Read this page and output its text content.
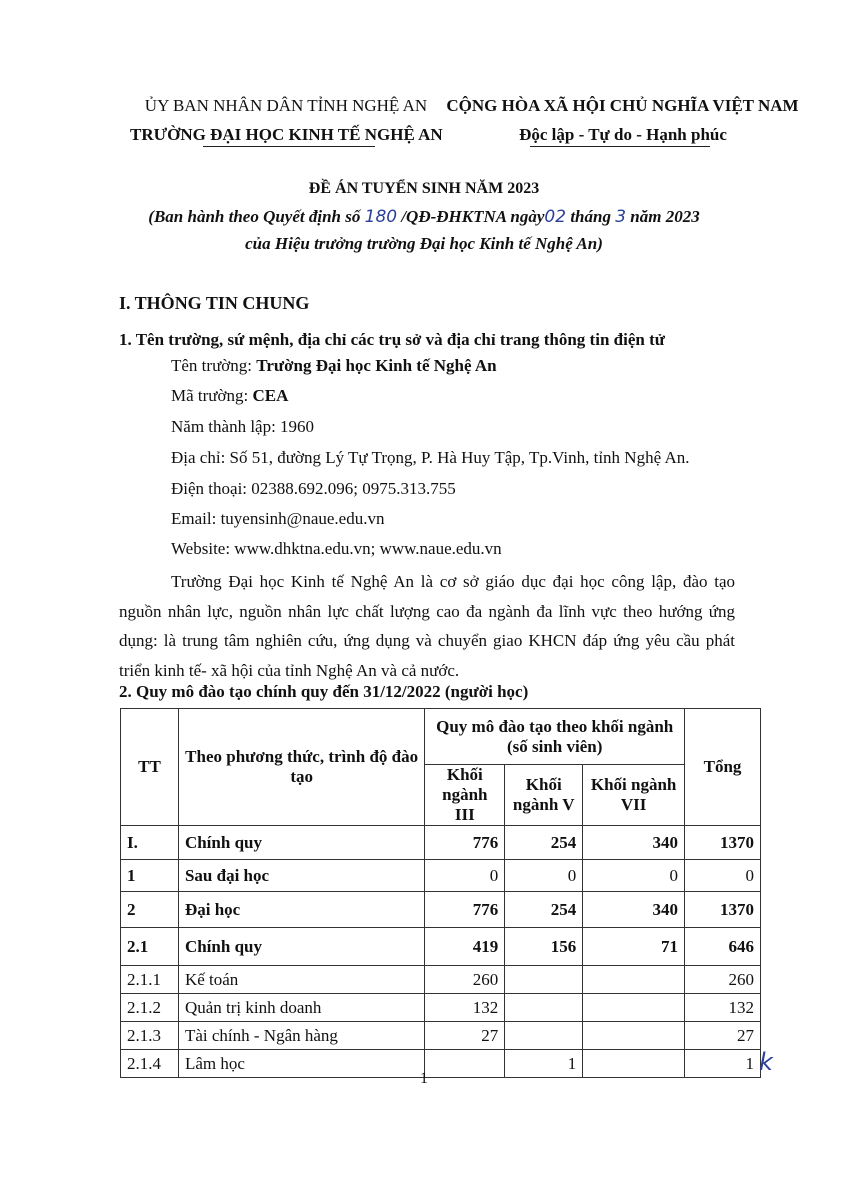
ỦY BAN NHÂN DÂN TỈNH NGHỆ AN
TRƯỜNG ĐẠI HỌC KINH TẾ NGHỆ AN
CỘNG HÒA XÃ HỘI CHỦ NGHĨA VIỆT NAM
Độc lập - Tự do - Hạnh phúc
ĐỀ ÁN TUYỂN SINH NĂM 2023
(Ban hành theo Quyết định số 180 /QĐ-ĐHKTNA ngày02 tháng 3 năm 2023
của Hiệu trưởng trường Đại học Kinh tế Nghệ An)
I. THÔNG TIN CHUNG
1. Tên trường, sứ mệnh, địa chỉ các trụ sở và địa chỉ trang thông tin điện tử
Tên trường: Trường Đại học Kinh tế Nghệ An
Mã trường: CEA
Năm thành lập: 1960
Địa chỉ: Số 51, đường Lý Tự Trọng, P. Hà Huy Tập, Tp.Vinh, tỉnh Nghệ An.
Điện thoại: 02388.692.096; 0975.313.755
Email: tuyensinh@naue.edu.vn
Website: www.dhktna.edu.vn; www.naue.edu.vn
Trường Đại học Kinh tế Nghệ An là cơ sở giáo dục đại học công lập, đào tạo nguồn nhân lực, nguồn nhân lực chất lượng cao đa ngành đa lĩnh vực theo hướng ứng dụng: là trung tâm nghiên cứu, ứng dụng và chuyển giao KHCN đáp ứng yêu cầu phát triển kinh tế- xã hội của tỉnh Nghệ An và cả nước.
2. Quy mô đào tạo chính quy đến 31/12/2022 (người học)
TT	Theo phương thức, trình độ đào tạo	Quy mô đào tạo theo khối ngành (số sinh viên)			Tổng
		Khối ngành III	Khối ngành V	Khối ngành VII	
I.	Chính quy	776	254	340	1370
1	Sau đại học	0	0	0	0
2	Đại học	776	254	340	1370
2.1	Chính quy	419	156	71	646
2.1.1	Kế toán	260			260
2.1.2	Quản trị kinh doanh	132			132
2.1.3	Tài chính - Ngân hàng	27			27
2.1.4	Lâm học		1		1 k
1
